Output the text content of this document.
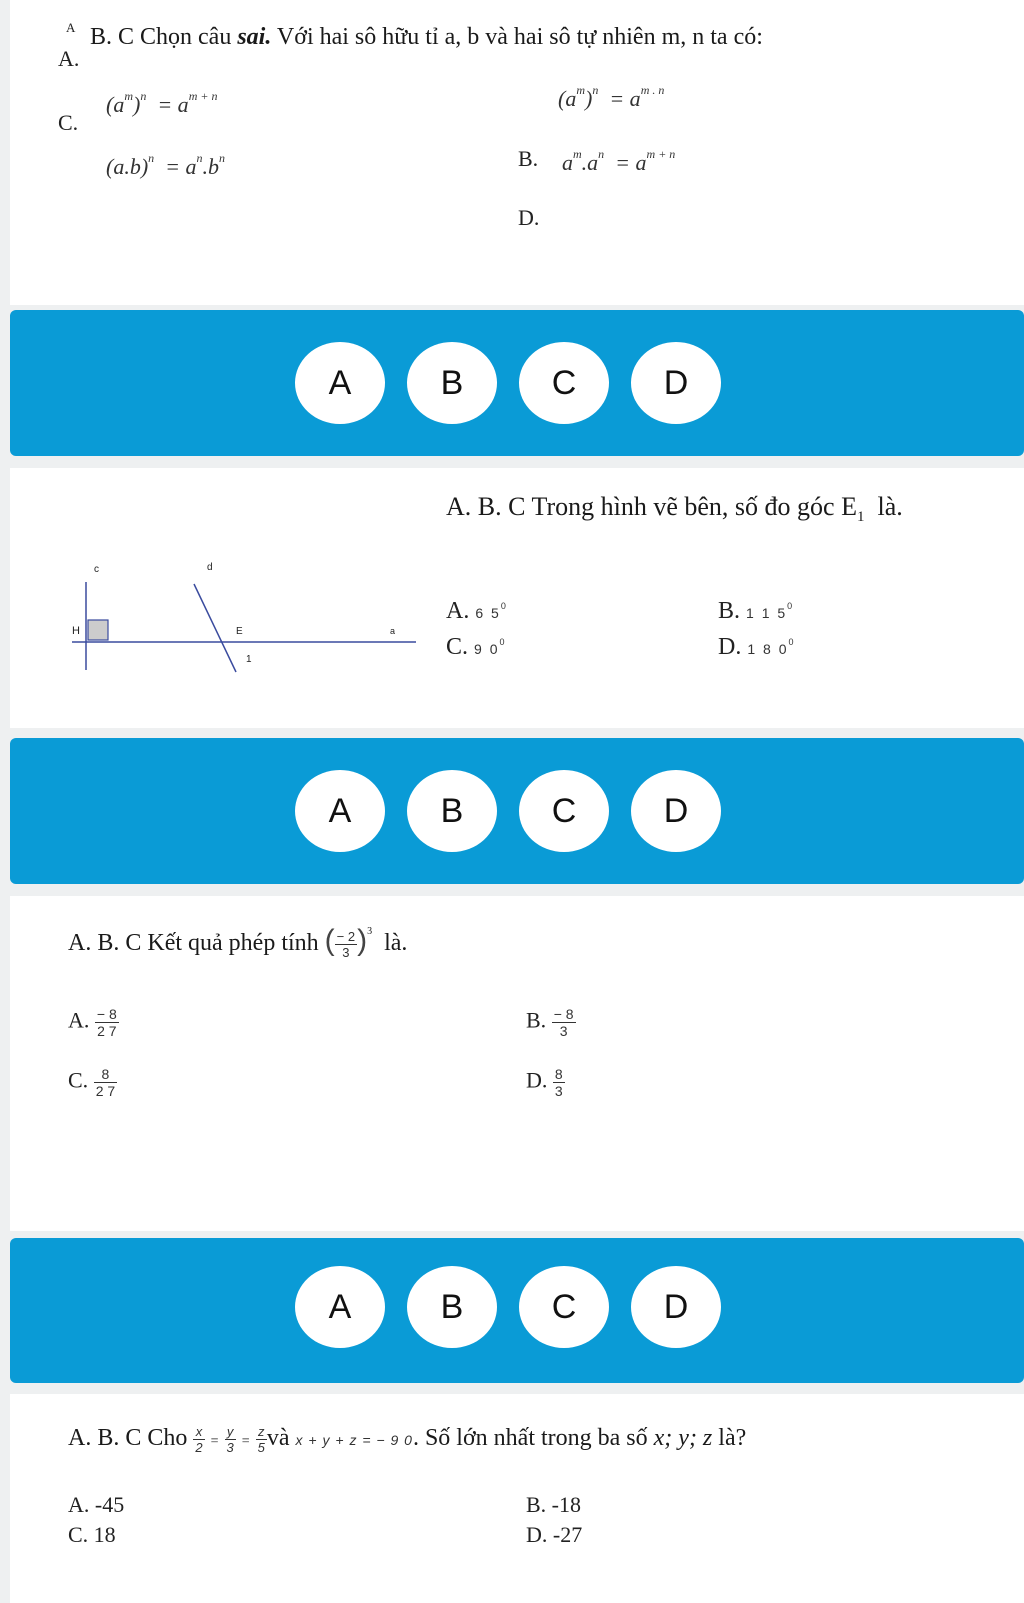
A B. C Chọn câu sai. Với hai sô hữu tỉ a, b và hai sô tự nhiên m, n ta có:
A.
C.
$(a^m)^n = a^{m + n}$	$(a^m)^n = a^{m . n}$
$(a.b)^n = a^n.b^n$	B. $a^m.a^n = a^{m + n}$
D.
A	B	C	D
A. B. C Trong hình vẽ bên, số đo góc $E_1$ là.
c	d
H	E	a
1
A. 6 $5^0$	B. 1 1 $5^0$
C. 9 $0^0$	D. 1 8 $0^0$
A	B	C	D
A. B. C Kết quả phép tính ( $\frac{- 2}{3} )^3$ là.
A. $\frac{- 8}{2 7}$	B. $\frac{- 8}{3}$
C. $\frac{8}{2 7}$	D. $\frac{8}{3}$
A	B	C	D
A. B. C Cho $\frac{x}{2} = \frac{y}{3} = \frac{z}{5}$ và x + y + z = − 9 0. Số lớn nhất trong ba số x; y; z là?
A. -45	B. -18
C. 18	D. -27
